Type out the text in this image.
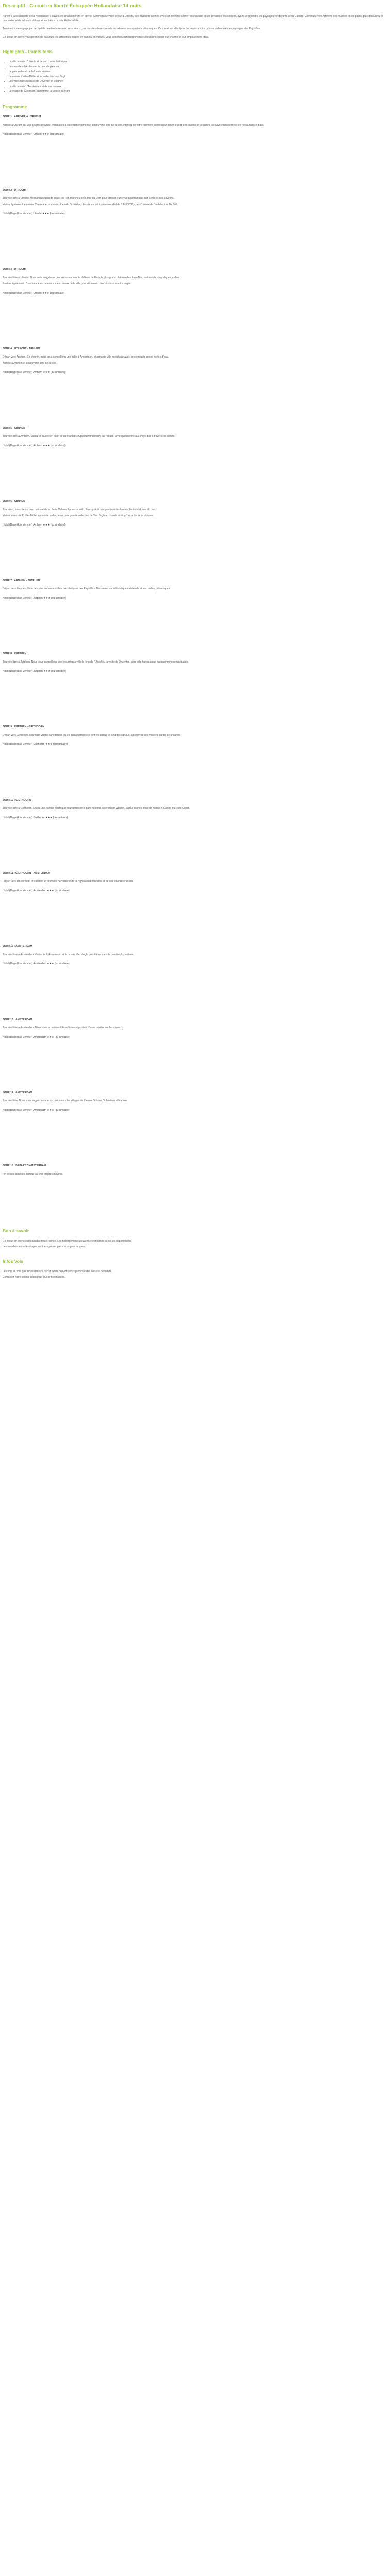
Descriptif - Circuit en liberté Échappée Hollandaise 14 nuits

Partez à la découverte de la Hollandaise à travers ce circuit itinérant en liberté. Commencez votre séjour à Utrecht, ville étudiante animée avec son célèbre clocher, ses canaux et ses terrasses ensoleillées, avant de rejoindre les paysages verdoyants de la Gueldre. Continuez vers Arnhem, ses musées et ses parcs, puis découvrez le parc national de la Haute Veluwe et le célèbre musée Kröller-Müller.

Terminez votre voyage par la capitale néerlandaise avec ses canaux, ses musées de renommée mondiale et ses quartiers pittoresques. Ce circuit est idéal pour découvrir à votre rythme la diversité des paysages des Pays-Bas.

Ce circuit en liberté vous permet de parcourir les différentes étapes en train ou en voiture. Vous bénéficiez d'hébergements sélectionnés pour leur charme et leur emplacement idéal.

Highlights - Points forts
• La découverte d'Utrecht et de son centre historique
• Les musées d'Arnhem et le parc de plein air
• Le parc national de la Haute Veluwe
• Le musée Kröller-Müller et sa collection Van Gogh
• Les villes hanséatiques de Deventer et Zutphen
• La découverte d'Amsterdam et de ses canaux
• Le village de Giethoorn, surnommé la Venise du Nord
Programme
JOUR 1 : ARRIVÉE À UTRECHT

Arrivée à Utrecht par vos propres moyens. Installation à votre hébergement et découverte libre de la ville. Profitez de votre première soirée pour flâner le long des canaux et découvrir les caves transformées en restaurants et bars.

Hotel (Dagelijkse Vervoer) Utrecht ★★★ (ou similaire)
JOUR 2 : UTRECHT

Journée libre à Utrecht. Ne manquez pas de gravir les 465 marches de la tour du Dom pour profiter d'une vue panoramique sur la ville et ses environs.

Visitez également le musée Centraal et la maison Rietveld Schröder, classée au patrimoine mondial de l'UNESCO, chef-d'œuvre de l'architecture De Stijl.

Hotel (Dagelijkse Vervoer) Utrecht ★★★ (ou similaire)
JOUR 3 : UTRECHT

Journée libre à Utrecht. Nous vous suggérons une excursion vers le château de Haar, le plus grand château des Pays-Bas, entouré de magnifiques jardins.

Profitez également d'une balade en bateau sur les canaux de la ville pour découvrir Utrecht sous un autre angle.

Hotel (Dagelijkse Vervoer) Utrecht ★★★ (ou similaire)
JOUR 4 : UTRECHT - ARNHEM

Départ vers Arnhem. En chemin, nous vous conseillons une halte à Amersfoort, charmante ville médiévale avec ses remparts et ses portes d'eau.

Arrivée à Arnhem et découverte libre de la ville.

Hotel (Dagelijkse Vervoer) Arnhem ★★★ (ou similaire)
JOUR 5 : ARNHEM

Journée libre à Arnhem. Visitez le musée en plein air néerlandais (Openluchtmuseum) qui retrace la vie quotidienne aux Pays-Bas à travers les siècles.

Hotel (Dagelijkse Vervoer) Arnhem ★★★ (ou similaire)
JOUR 6 : ARNHEM

Journée consacrée au parc national de la Haute Veluwe. Louez un vélo blanc gratuit pour parcourir les landes, forêts et dunes du parc.

Visitez le musée Kröller-Müller qui abrite la deuxième plus grande collection de Van Gogh au monde ainsi qu'un jardin de sculptures.

Hotel (Dagelijkse Vervoer) Arnhem ★★★ (ou similaire)
JOUR 7 : ARNHEM - ZUTPHEN

Départ vers Zutphen, l'une des plus anciennes villes hanséatiques des Pays-Bas. Découvrez sa bibliothèque médiévale et ses ruelles pittoresques.

Hotel (Dagelijkse Vervoer) Zutphen ★★★ (ou similaire)
JOUR 8 : ZUTPHEN

Journée libre à Zutphen. Nous vous conseillons une excursion à vélo le long de l'IJssel ou la visite de Deventer, autre ville hanséatique au patrimoine remarquable.

Hotel (Dagelijkse Vervoer) Zutphen ★★★ (ou similaire)
JOUR 9 : ZUTPHEN - GIETHOORN

Départ vers Giethoorn, charmant village sans routes où les déplacements se font en barque le long des canaux. Découvrez ses maisons au toit de chaume.

Hotel (Dagelijkse Vervoer) Giethoorn ★★★ (ou similaire)
JOUR 10 : GIETHOORN

Journée libre à Giethoorn. Louez une barque électrique pour parcourir le parc national Weerribben-Wieden, la plus grande zone de marais d'Europe du Nord-Ouest.

Hotel (Dagelijkse Vervoer) Giethoorn ★★★ (ou similaire)
JOUR 11 : GIETHOORN - AMSTERDAM

Départ vers Amsterdam. Installation et première découverte de la capitale néerlandaise et de ses célèbres canaux.

Hotel (Dagelijkse Vervoer) Amsterdam ★★★ (ou similaire)
JOUR 12 : AMSTERDAM

Journée libre à Amsterdam. Visitez le Rijksmuseum et le musée Van Gogh, puis flânez dans le quartier du Jordaan.

Hotel (Dagelijkse Vervoer) Amsterdam ★★★ (ou similaire)
JOUR 13 : AMSTERDAM

Journée libre à Amsterdam. Découvrez la maison d'Anne Frank et profitez d'une croisière sur les canaux.

Hotel (Dagelijkse Vervoer) Amsterdam ★★★ (ou similaire)
JOUR 14 : AMSTERDAM

Journée libre. Nous vous suggérons une excursion vers les villages de Zaanse Schans, Volendam et Marken.

Hotel (Dagelijkse Vervoer) Amsterdam ★★★ (ou similaire)
JOUR 15 : DÉPART D'AMSTERDAM

Fin de nos services. Retour par vos propres moyens.

Bon à savoir

Ce circuit en liberté est réalisable toute l'année. Les hébergements peuvent être modifiés selon les disponibilités.

Les transferts entre les étapes sont à organiser par vos propres moyens.

Infos Vols

Les vols ne sont pas inclus dans ce circuit. Nous pouvons vous proposer des vols sur demande.

Contactez notre service client pour plus d'informations.
